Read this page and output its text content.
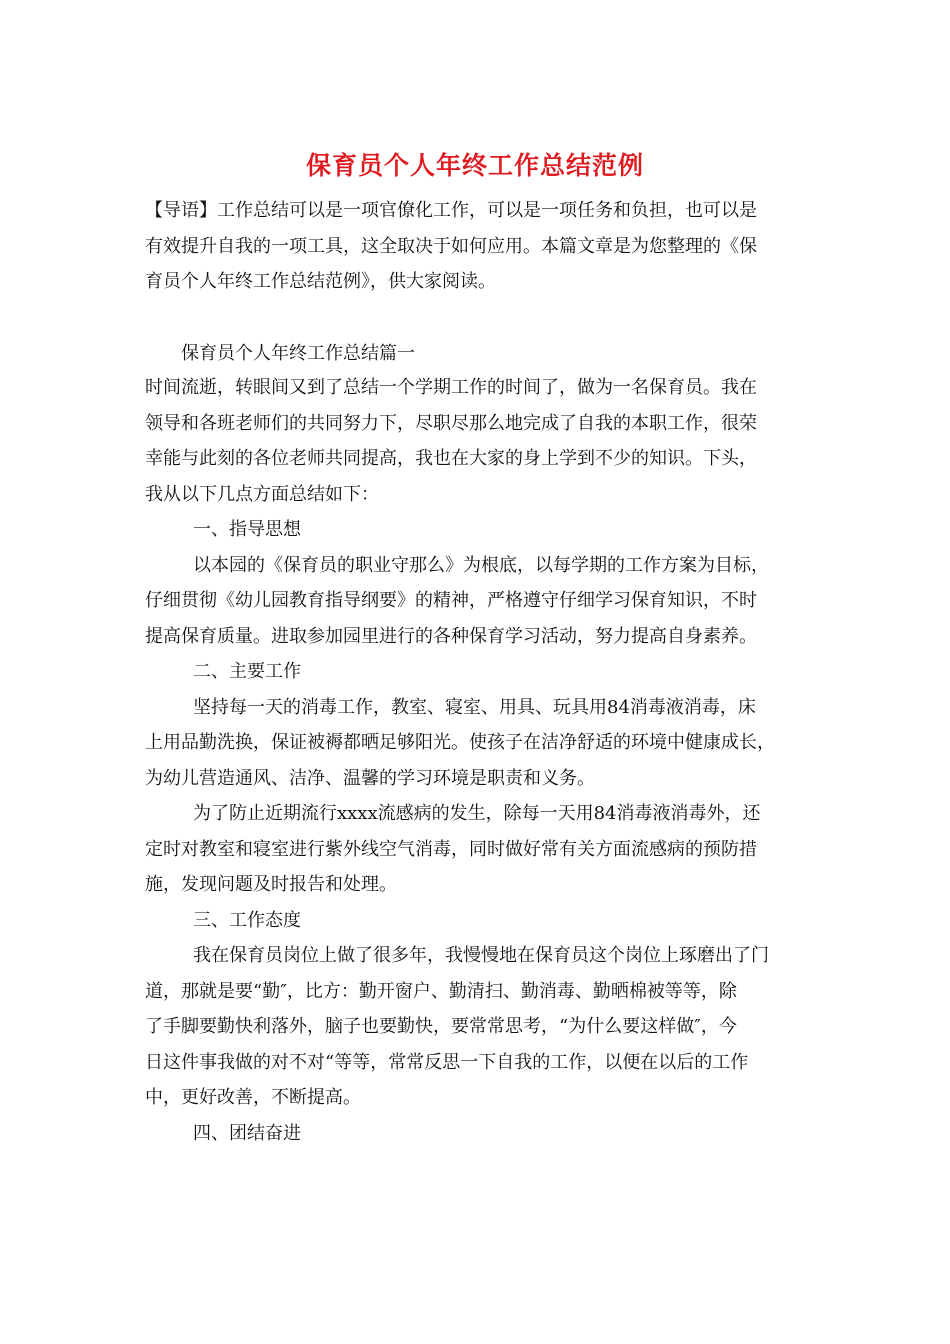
保育员个人年终工作总结范例
【导语】工作总结可以是一项官僚化工作，可以是一项任务和负担，也可以是
有效提升自我的一项工具，这全取决于如何应用。本篇文章是为您整理的《保
育员个人年终工作总结范例》，供大家阅读。
保育员个人年终工作总结篇一
时间流逝，转眼间又到了总结一个学期工作的时间了，做为一名保育员。我在
领导和各班老师们的共同努力下，尽职尽那么地完成了自我的本职工作，很荣
幸能与此刻的各位老师共同提高，我也在大家的身上学到不少的知识。下头，
我从以下几点方面总结如下：
一、指导思想
以本园的《保育员的职业守那么》为根底，以每学期的工作方案为目标，
仔细贯彻《幼儿园教育指导纲要》的精神，严格遵守仔细学习保育知识，不时
提高保育质量。进取参加园里进行的各种保育学习活动，努力提高自身素养。
二、主要工作
坚持每一天的消毒工作，教室、寝室、用具、玩具用84消毒液消毒，床
上用品勤洗换，保证被褥都晒足够阳光。使孩子在洁净舒适的环境中健康成长，
为幼儿营造通风、洁净、温馨的学习环境是职责和义务。
为了防止近期流行xxxx流感病的发生，除每一天用84消毒液消毒外，还
定时对教室和寝室进行紫外线空气消毒，同时做好常有关方面流感病的预防措
施，发现问题及时报告和处理。
三、工作态度
我在保育员岗位上做了很多年，我慢慢地在保育员这个岗位上琢磨出了门
道，那就是要“勤″，比方：勤开窗户、勤清扫、勤消毒、勤晒棉被等等，除
了手脚要勤快利落外，脑子也要勤快，要常常思考，“为什么要这样做″，今
日这件事我做的对不对“等等，常常反思一下自我的工作，以便在以后的工作
中，更好改善，不断提高。
四、团结奋进
